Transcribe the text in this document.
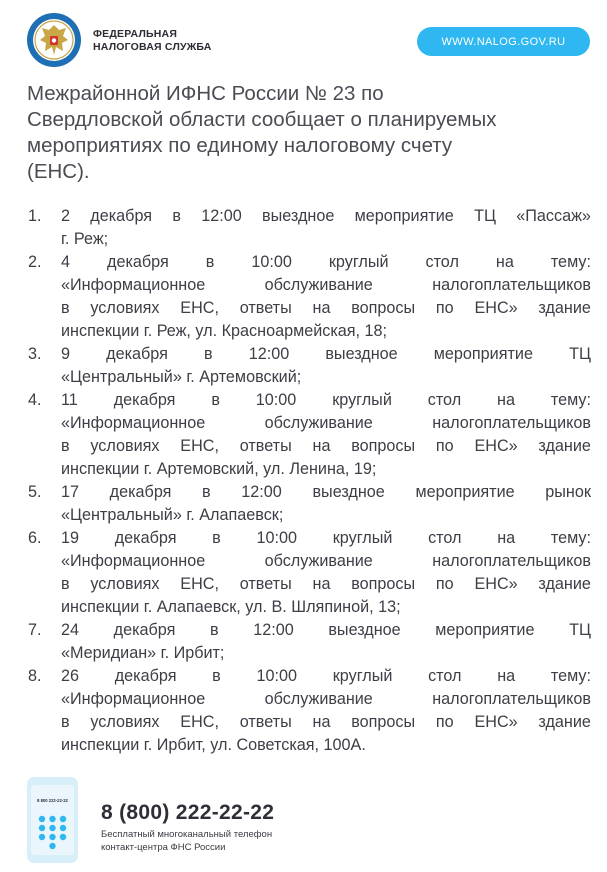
ФЕДЕРАЛЬНАЯ
НАЛОГОВАЯ СЛУЖБА	WWW.NALOG.GOV.RU
Межрайонной ИФНС России № 23 по
Свердловской области сообщает о планируемых
мероприятиях по единому налоговому счету
(ЕНС).
1. 2 декабря в 12:00 выездное мероприятие ТЦ «Пассаж»
г. Реж;
2. 4 декабря в 10:00 круглый стол на тему:
«Информационное	обслуживание	налогоплательщиков
в условиях ЕНС, ответы на вопросы по ЕНС» здание
инспекции г. Реж, ул. Красноармейская, 18;
3. 9 декабря в 12:00 выездное мероприятие ТЦ
«Центральный» г. Артемовский;
4. 11 декабря в 10:00 круглый стол на тему:
«Информационное	обслуживание	налогоплательщиков
в условиях ЕНС, ответы на вопросы по ЕНС» здание
инспекции г. Артемовский, ул. Ленина, 19;
5. 17 декабря в 12:00 выездное мероприятие рынок
«Центральный» г. Алапаевск;
6. 19 декабря в 10:00 круглый стол на тему:
«Информационное	обслуживание	налогоплательщиков
в условиях ЕНС, ответы на вопросы по ЕНС» здание
инспекции г. Алапаевск, ул. В. Шляпиной, 13;
7. 24 декабря в 12:00 выездное мероприятие ТЦ
«Меридиан» г. Ирбит;
8. 26 декабря в 10:00 круглый стол на тему:
«Информационное	обслуживание	налогоплательщиков
в условиях ЕНС, ответы на вопросы по ЕНС» здание
инспекции г. Ирбит, ул. Советская, 100А.
8 800 222-22-22
8 (800) 222-22-22
Бесплатный многоканальный телефон
контакт-центра ФНС России
